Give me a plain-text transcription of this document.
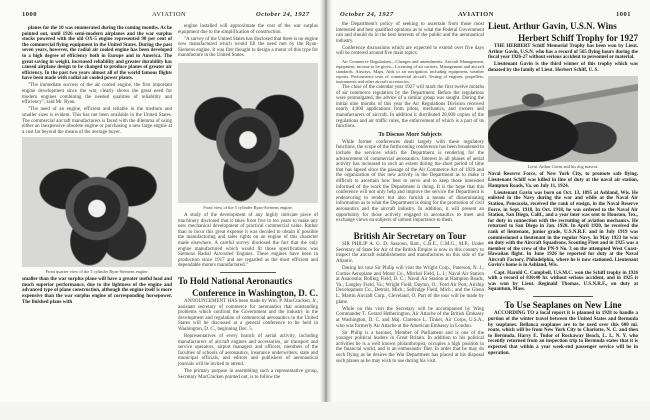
1000	AVIATION	October 24, 1927

planes for the 10 was enumerated during the coming months. As he pointed out, until 1926 semi-modern airplanes and the war surplus stocks powered with the old OX-5 engine represented 90 per cent of the commercial flying equipment in the United States. During the past seven years, however, the radial air cooled engine has been developed to a high degree of efficiency both in Europe and in America. The great saving in weight, increased reliability and greater durability has caused airplane design to be changed to produce planes of greater air efficiency. In the past two years almost all of the world famous flights have been made with radial air cooled power plants.

"The immediate success of the air cooled engine, the first important engine development since the war, clearly shows the great need for modern engines combining the needed qualities of reliability and efficiency", said Mr. Ryan.

"The need of an engine, efficient and reliable in the medium and smaller sizes is evident. This has not been available in the United States. The commercial aircraft manufacturers is faced with the dilemma of using either an inexpensive obsolete engine or purchasing a new large engine at a cost far beyond the means of the average buyer.

Front quarter view of the 5 cylinder Ryan-Siemens engine.

smaller than the war surplus plane will have a greater useful load and much superior performance, due to the lightness of the engine and advanced type of plane construction, although the engine itself is more expensive than the war surplus engine of corresponding horsepower. The finished plane with

engine installed will approximate the cost of the war surplus equipment due to the simplification of construction.

"A survey of the United States has disclosed that there is no engine now manufactured which would fill the need met by the Ryan-Siemens engine. It was first thought to design a motor of this type for manufacture in the United States.

Front view of the 5 cylinder Ryan-Siemens engine.

A study of the development of any highly intricate piece of machinery disclosed that it takes from five to ten years to make any new mechanical development of practical commercial value. Rather than to incur this great expense it was decided to obtain if possible the manufacturing and sales rights on an engine of this character made elsewhere. A careful survey disclosed the fact that the only engine manufactured which would fit those specifications was Siemens Radial Aircooled Engines. These engines have been in production since 1917 and are regarded as the most efficient and dependable motors manufactured."

To Hold National Aeronautics
Conference in Washington, D. C.

ANNOUNCEMENT HAS been made by Wm. P. MacCracken, Jr., assistant secretary of commerce for aeronautics that outstanding problems which confront the Government and the industry in the development and regulation of commercial aeronautics in the United States will be discussed at a general conference to be held in Washington, D. C., beginning Dec. 5.

Representatives of every branch of aerial activity, including manufacturers of aircraft engines and accessories, air transport and service operators, airport managers and officers, members of the faculties of schools of aeronautics, insurance underwriters, state and municipal officials, and editors and publishers of aeronautical journals will be invited to attend.

The primary purpose in assembling such a representative group, Secretary MacCracken pointed out, is to follow the

October 24, 1927	AVIATION	1001

the Department's policy of seeking to ascertain from those most interested and best qualified opinions as to what the Federal Government can and should do in the best interests of the public and the aeronautical industry.

Conference discussions which are expected to extend over five days will be centered around five main topics:

Air Commerce Regulations—Changes and amendments. Aircraft Management, equipment, income to be given—Licensing of air carriers. Management and aircraft standards. Airways, Maps, Aids to air navigation, including equipment, weather reports. Performance tests of commercial aircraft. Testing of engines, propellers, instruments and other aircraft accessories.

The close of the calendar year 1927 will mark the first twelve months of air commerce regulation by the Department. Before the regulations were promulgated, the advice of a similar group was sought. During the initial nine months of this year the Air Regulations Division received nearly 4,000 applications from pilots, mechanics, and owners and manufacturers of aircraft. In addition it distributed 28,000 copies of the regulations and air traffic rules, the enforcement of which is a part of its functions.

To Discuss More Subjects

While former conferences dealt largely with these regulatory functions, the scope of the forthcoming conference has been broadened to include the services which the Department is rendering for the advancement of commercial aeronautics. Interest in all phases of aerial activity has increased to such an extent during the short period of time that has lapsed since the passage of the Air Commerce Act of 1926 and the organization of this new activity in the Department as to make it difficult to ascertain how best to serve and to keep those interested informed of the work the Department is doing. It is the hope that this conference will not only help and improve the service the Department is endeavoring to render but also furnish a means of disseminating information as to what the Department is doing for the promotion of civil aeronautics and the aircraft industry. In addition, it will present an opportunity for those actively engaged in aeronautics to meet and exchange views on subjects of utmost importance to them.

British Air Secretary on Tour

SIR PHILIP A. G. D. Sassoon, Bart., C.B.E., C.M.G., M.P., Under Secretary of State for Air of the British Empire is now in this country to inspect the aircraft establishments and manufactures on this side of the Atlantic.

During his tour Sir Philip will visit the Wright Corp., Paterson, N. J.; Curtiss Aeroplane and Motor Co., Mitchel Field, L. I.; Naval Air Station at Anacostia; Bolling Field, D. C.; Naval Air Station at Hampton Roads, Va.; Langley Field, Va.; Wright Field, Dayton, O.; Ford Air Port, Airship Development Co., Detroit, Mich.; Selfridge Field, Mich.; and the Glenn L. Martin Aircraft Corp., Cleveland, O. Part of the tour will be made by plane.

While on this visit the Secretary will be accompanied by Wing Commander T. Gerard Hetherington, Air Attache of the British Embassy at Washington, D. C. and Maj. Clarence L. Tinker, Air Corps, U.S.A., who was formerly Air Attache at the American Embassy in London.

Sir Philip is a baronet, Member of Parliament and is one of the younger political leaders in Great Britain. In addition to his political activities he is a well known philanthropist, occupies a high position in the financial world, and is an enthusiastic flier. In order that he may do such flying as he desires the War Department has placed at his disposal such planes as he may wish to use during his visit.

Lieut. Arthur Gavin, U.S.N. Wins
Herbert Schiff Trophy for 1927

THE HERBERT Schiff Memorial Trophy has been won by Lieut. Arthur Gavin, U.S.N. who has a record of 565 flying hours during the fiscal year 1926-27 without serious accident to personnel or material.

Lieutenant Gavin is the third winner of this trophy which was donated by the family of Lieut. Herbert Schiff, U. S.

Lieut. Arthur Gavin and his dog mascot.

Naval Reserve Force, of New York City, to promote safe flying. Lieutenant Schiff was killed in line of duty at the naval air station, Hampton Roads, Va. on July 11, 1924.

Lieutenant Gavin was born on Oct. 13, 1895 at Ashland, Wis. He enlisted in the Navy during the war and while at the Naval Air Station, Pensacola, received the rank of ensign, in the Naval Reserve Force, in Sept. 1918. In Oct. 1918, he was ordered to the Naval Air Station, San Diego, Calif., and a year later was sent to Houston, Tex., for duty in connection with the recruiting of aviation mechanics. He returned to San Diego in Jan. 1920. In April 1920, he received the rank of lieutenant, junior grade, U.S.N.R.F. and in July 1919 was commissioned a lieutenant in the regular Navy. In May 1923 he was on duty with the Aircraft Squadrons, Scouting Fleet and in 1925 was a member of the crew of the PN-9 No. 3 on the attempted West Coast-Hawaiian flight. In June 1926 he reported for duty at the Naval Aircraft Factory, Philadelphia, where he is now stationed. Lieutenant Gavin's home is in Ashland, Wis.

Capt. Harold C. Campbell, U.S.M.C. won the Schiff trophy in 1926 with a record of 830:40 hr. without serious accident, and in 1925 it was won by Lieut. Reginald Thomas, U.S.N.R.F., on duty at Squantum, Mass.

To Use Seaplanes on New Line

ACCORDING TO a local report it is planned in 1928 to handle a portion of the winter travel between the United States and Bermuda by seaplanes. Bellanca seaplanes are to be used over this 600 mi. route, which will be from New York City to Charlotte, N. C. and then to Bermuda. Harry E. Tudor of Rockaway Beach, L. I., N. Y. who recently returned from an inspection trip to Bermuda states that it is expected that within a year week-end passenger service will be in operation.
